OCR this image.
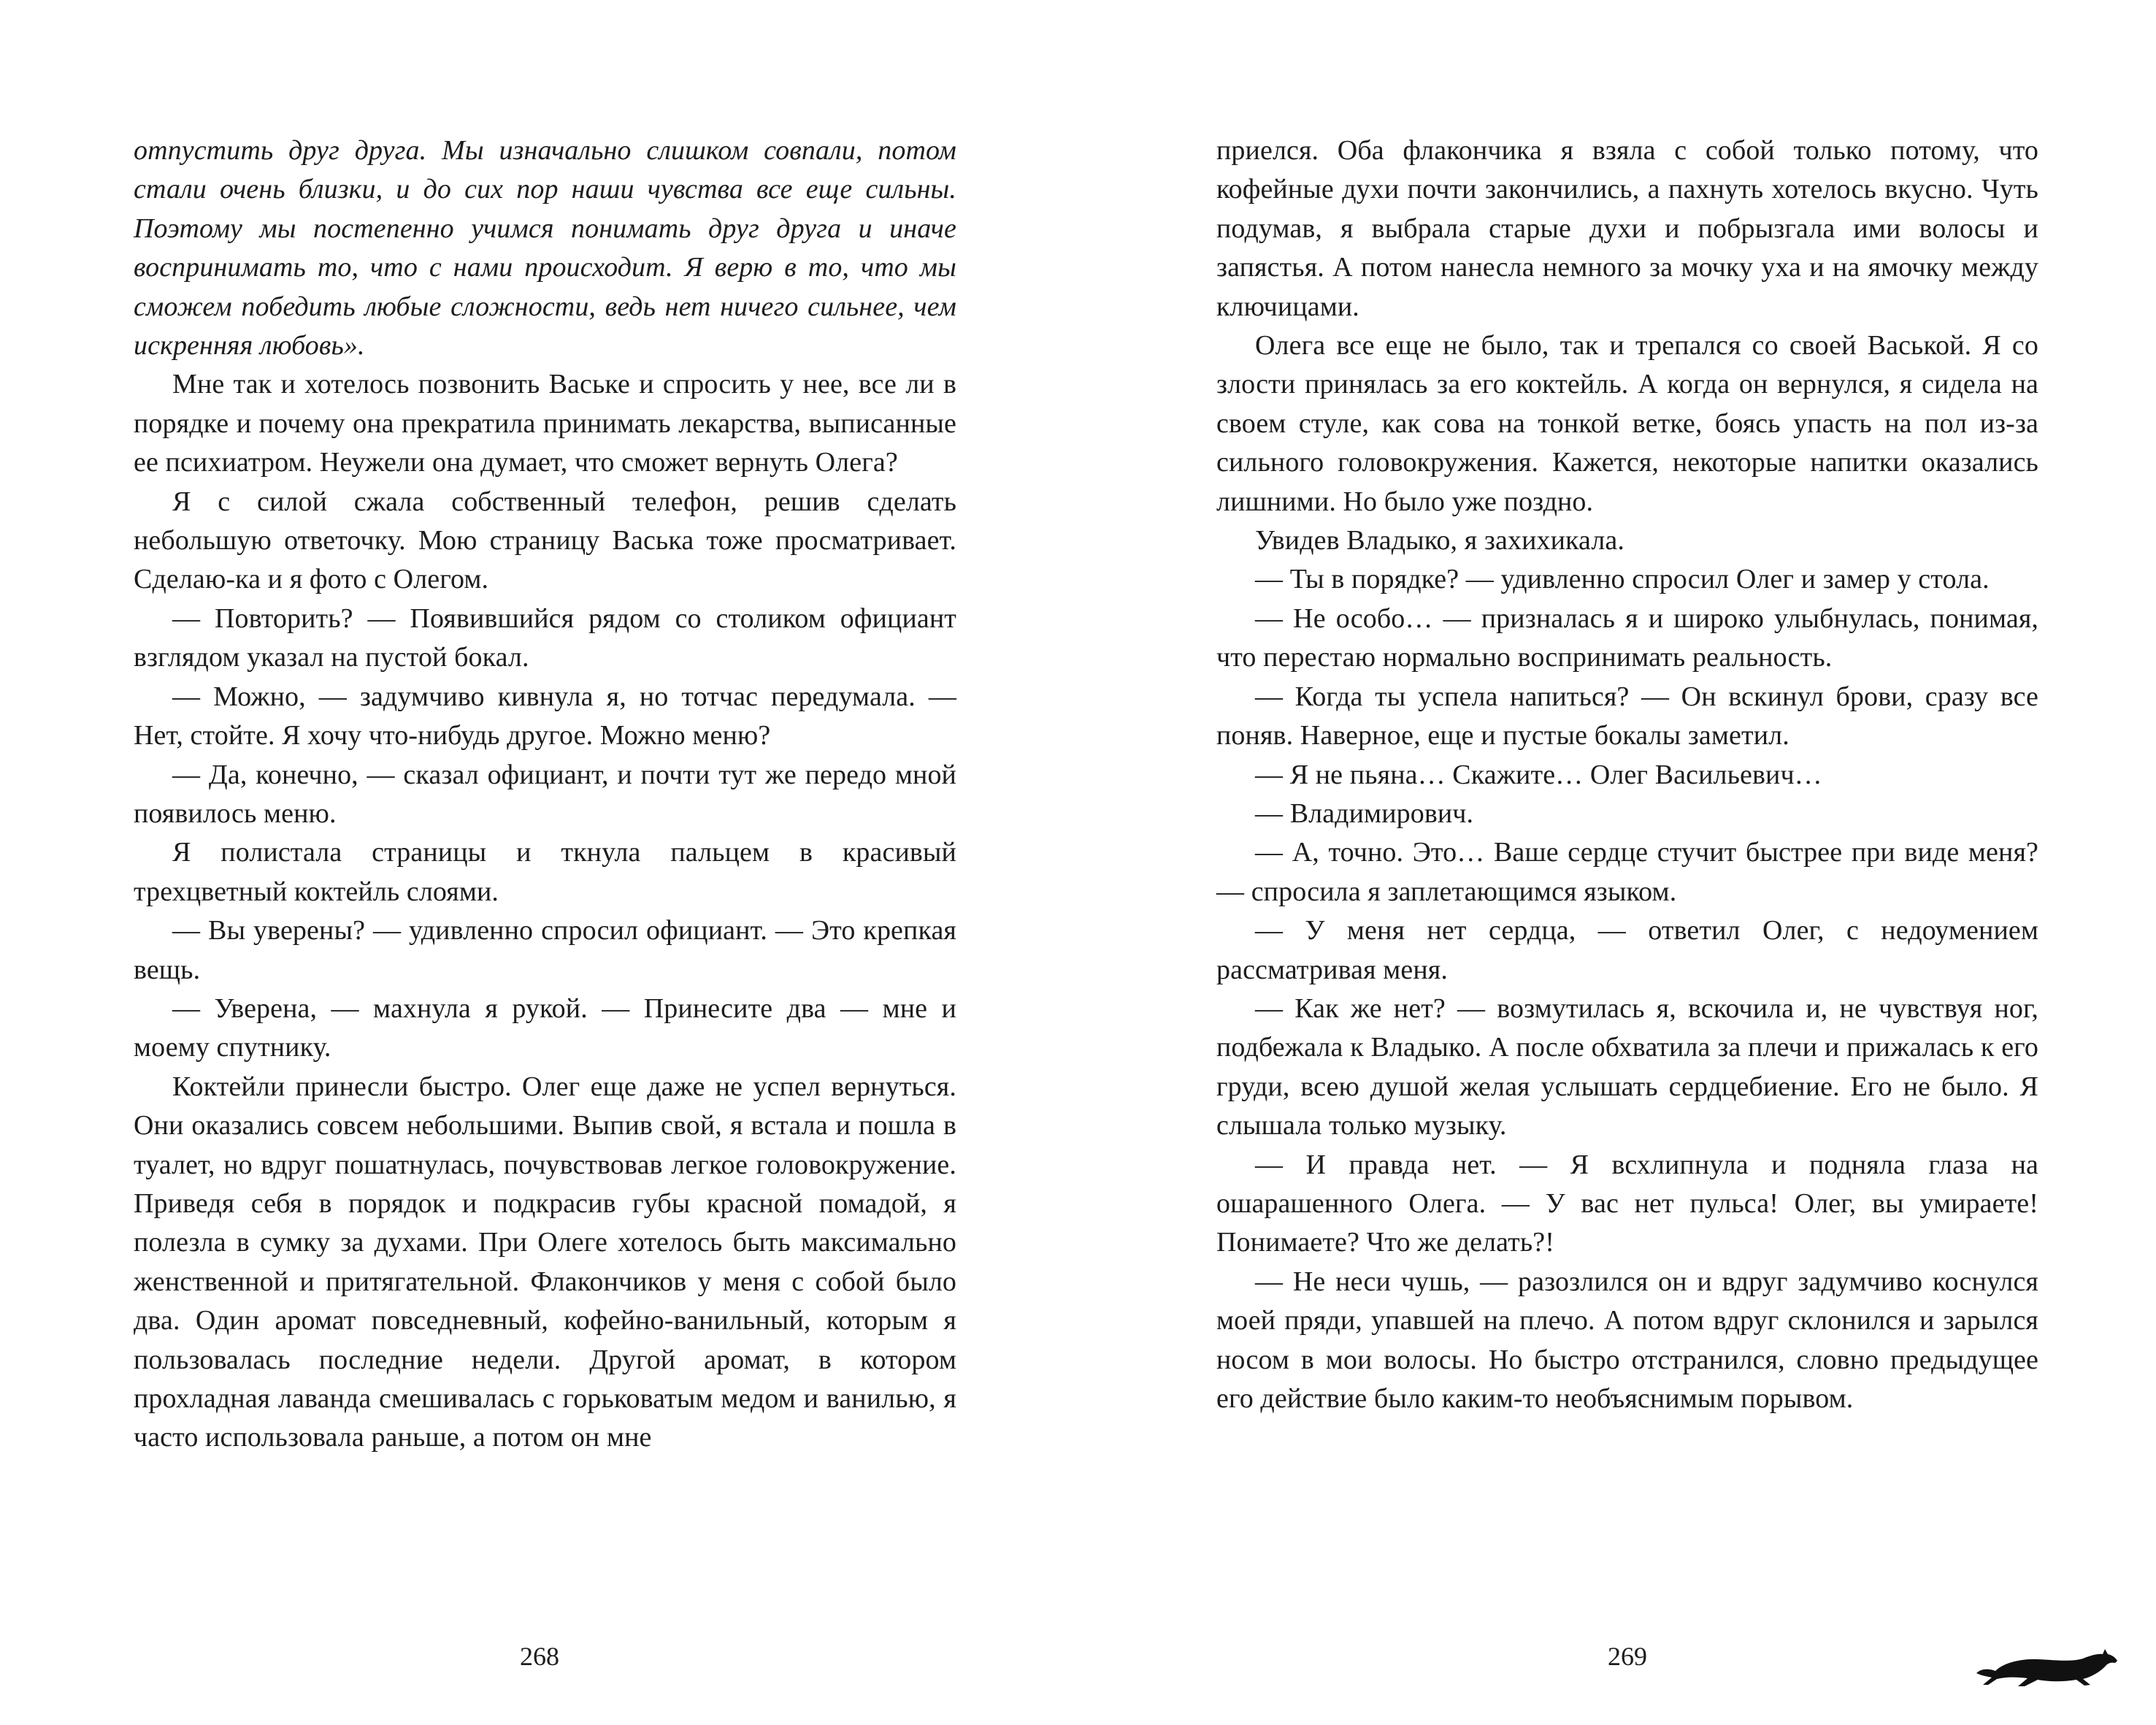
отпустить друг друга. Мы изначально слишком совпали, потом стали очень близки, и до сих пор наши чувства все еще сильны. Поэтому мы постепенно учимся понимать друг друга и иначе воспринимать то, что с нами происходит. Я верю в то, что мы сможем победить любые сложности, ведь нет ничего сильнее, чем искренняя любовь».

Мне так и хотелось позвонить Ваське и спросить у нее, все ли в порядке и почему она прекратила принимать лекарства, выписанные ее психиатром. Неужели она думает, что сможет вернуть Олега?

Я с силой сжала собственный телефон, решив сделать небольшую ответочку. Мою страницу Васька тоже просматривает. Сделаю-ка и я фото с Олегом.

— Повторить? — Появившийся рядом со столиком официант взглядом указал на пустой бокал.

— Можно, — задумчиво кивнула я, но тотчас передумала. — Нет, стойте. Я хочу что-нибудь другое. Можно меню?

— Да, конечно, — сказал официант, и почти тут же передо мной появилось меню.

Я полистала страницы и ткнула пальцем в красивый трехцветный коктейль слоями.

— Вы уверены? — удивленно спросил официант. — Это крепкая вещь.

— Уверена, — махнула я рукой. — Принесите два — мне и моему спутнику.

Коктейли принесли быстро. Олег еще даже не успел вернуться. Они оказались совсем небольшими. Выпив свой, я встала и пошла в туалет, но вдруг пошатнулась, почувствовав легкое головокружение. Приведя себя в порядок и подкрасив губы красной помадой, я полезла в сумку за духами. При Олеге хотелось быть максимально женственной и притягательной. Флакончиков у меня с собой было два. Один аромат повседневный, кофейно-ванильный, которым я пользовалась последние недели. Другой аромат, в котором прохладная лаванда смешивалась с горьковатым медом и ванилью, я часто использовала раньше, а потом он мне

268

приелся. Оба флакончика я взяла с собой только потому, что кофейные духи почти закончились, а пахнуть хотелось вкусно. Чуть подумав, я выбрала старые духи и побрызгала ими волосы и запястья. А потом нанесла немного за мочку уха и на ямочку между ключицами.

Олега все еще не было, так и трепался со своей Васькой. Я со злости принялась за его коктейль. А когда он вернулся, я сидела на своем стуле, как сова на тонкой ветке, боясь упасть на пол из-за сильного головокружения. Кажется, некоторые напитки оказались лишними. Но было уже поздно.

Увидев Владыко, я захихикала.

— Ты в порядке? — удивленно спросил Олег и замер у стола.

— Не особо… — призналась я и широко улыбнулась, понимая, что перестаю нормально воспринимать реальность.

— Когда ты успела напиться? — Он вскинул брови, сразу все поняв. Наверное, еще и пустые бокалы заметил.

— Я не пьяна… Скажите… Олег Васильевич…

— Владимирович.

— А, точно. Это… Ваше сердце стучит быстрее при виде меня? — спросила я заплетающимся языком.

— У меня нет сердца, — ответил Олег, с недоумением рассматривая меня.

— Как же нет? — возмутилась я, вскочила и, не чувствуя ног, подбежала к Владыко. А после обхватила за плечи и прижалась к его груди, всею душой желая услышать сердцебиение. Его не было. Я слышала только музыку.

— И правда нет. — Я всхлипнула и подняла глаза на ошарашенного Олега. — У вас нет пульса! Олег, вы умираете! Понимаете? Что же делать?!

— Не неси чушь, — разозлился он и вдруг задумчиво коснулся моей пряди, упавшей на плечо. А потом вдруг склонился и зарылся носом в мои волосы. Но быстро отстранился, словно предыдущее его действие было каким-то необъяснимым порывом.

269
